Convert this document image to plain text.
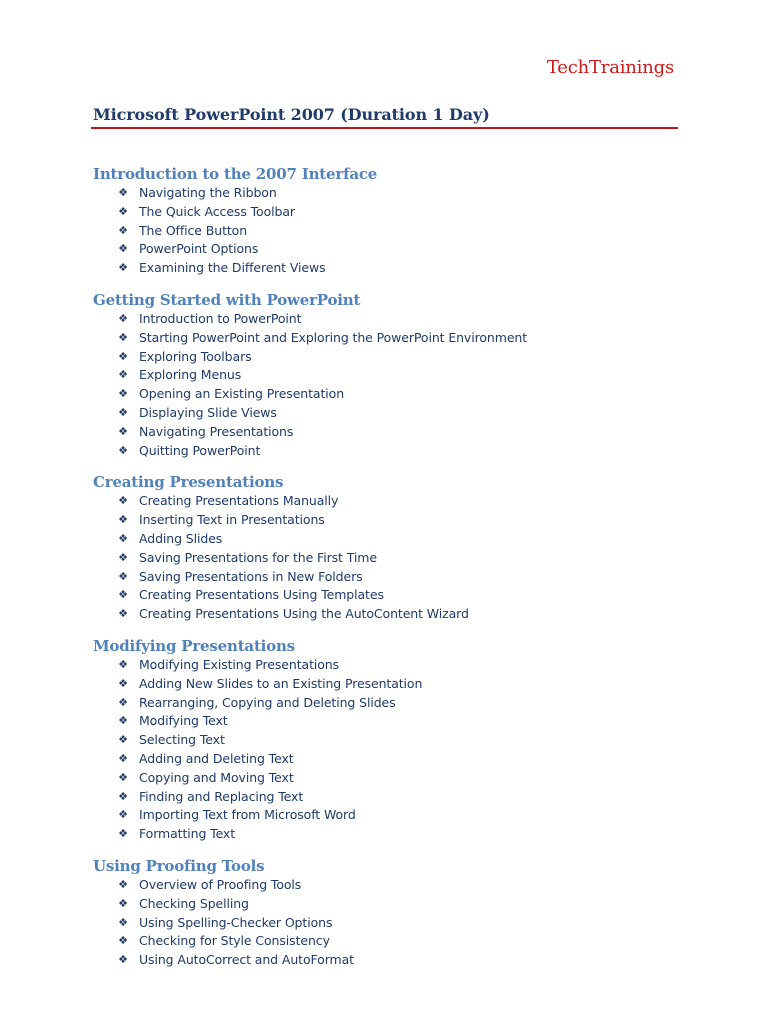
TechTrainings
Microsoft PowerPoint 2007 (Duration 1 Day)
Introduction to the 2007 Interface
❖ Navigating the Ribbon
❖ The Quick Access Toolbar
❖ The Office Button
❖ PowerPoint Options
❖ Examining the Different Views
Getting Started with PowerPoint
❖ Introduction to PowerPoint
❖ Starting PowerPoint and Exploring the PowerPoint Environment
❖ Exploring Toolbars
❖ Exploring Menus
❖ Opening an Existing Presentation
❖ Displaying Slide Views
❖ Navigating Presentations
❖ Quitting PowerPoint
Creating Presentations
❖ Creating Presentations Manually
❖ Inserting Text in Presentations
❖ Adding Slides
❖ Saving Presentations for the First Time
❖ Saving Presentations in New Folders
❖ Creating Presentations Using Templates
❖ Creating Presentations Using the AutoContent Wizard
Modifying Presentations
❖ Modifying Existing Presentations
❖ Adding New Slides to an Existing Presentation
❖ Rearranging, Copying and Deleting Slides
❖ Modifying Text
❖ Selecting Text
❖ Adding and Deleting Text
❖ Copying and Moving Text
❖ Finding and Replacing Text
❖ Importing Text from Microsoft Word
❖ Formatting Text
Using Proofing Tools
❖ Overview of Proofing Tools
❖ Checking Spelling
❖ Using Spelling-Checker Options
❖ Checking for Style Consistency
❖ Using AutoCorrect and AutoFormat
